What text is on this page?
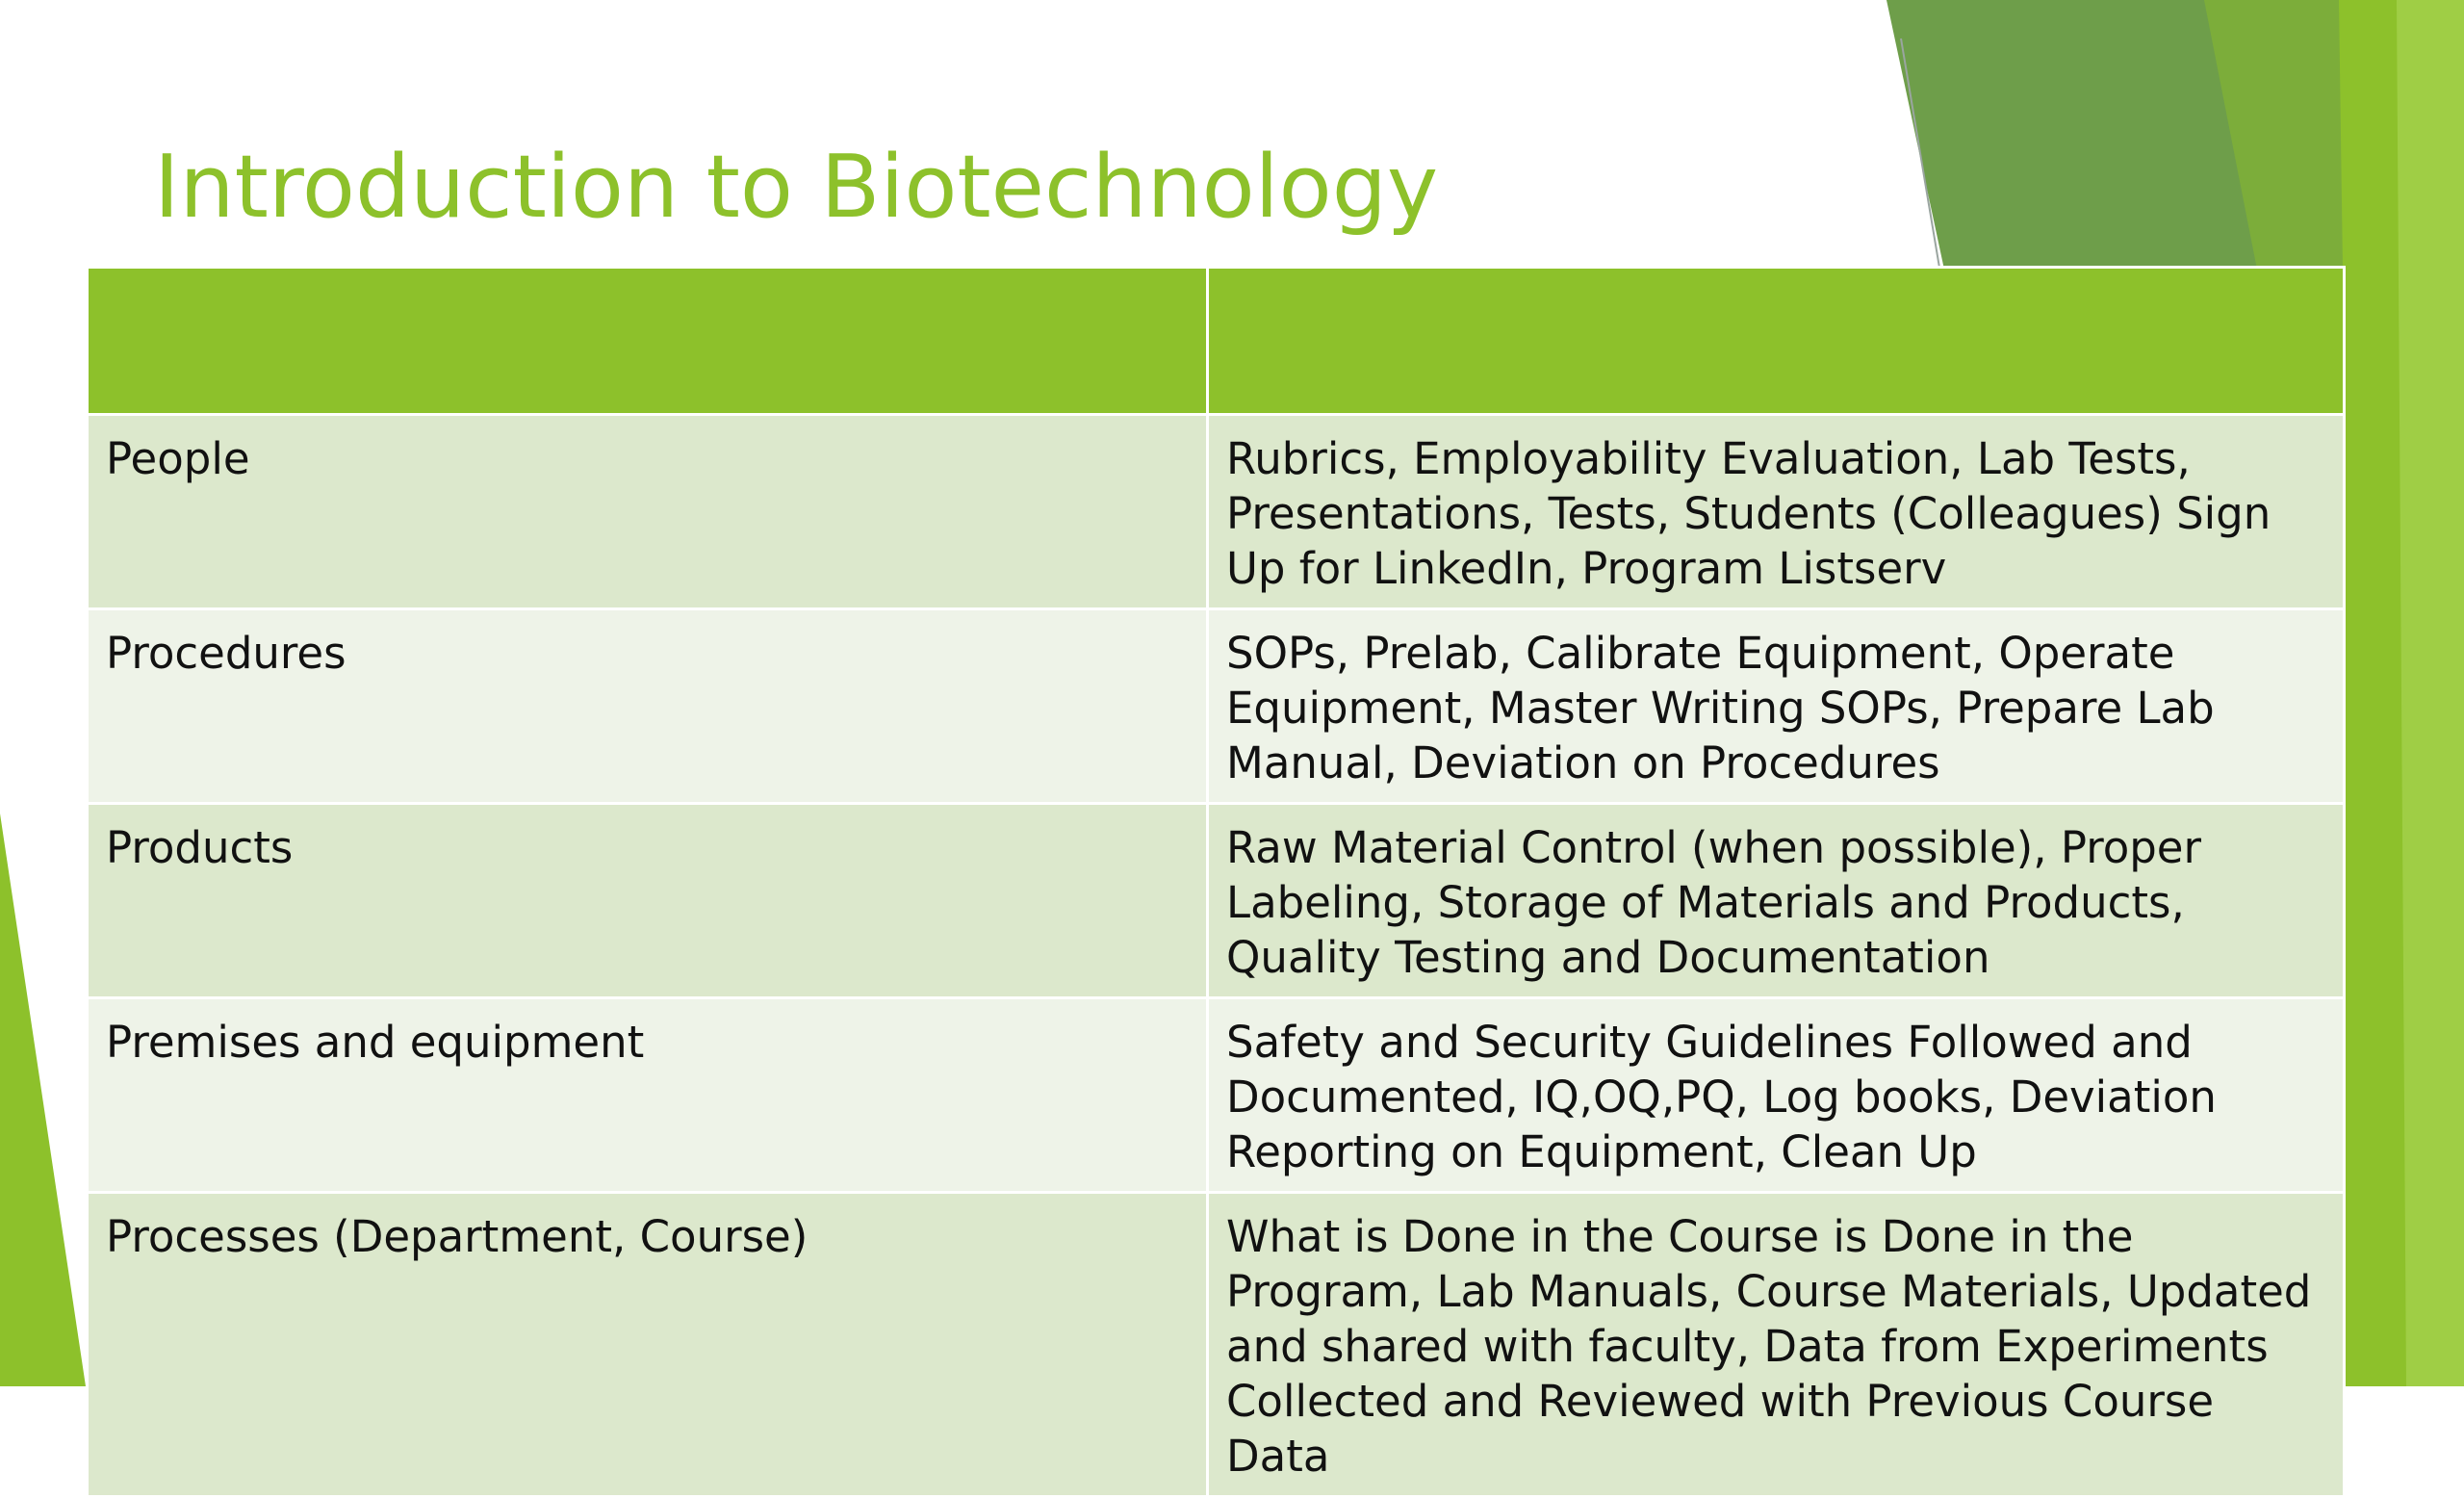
Introduction to Biotechnology

People	Rubrics, Employability Evaluation, Lab Tests, Presentations, Tests, Students (Colleagues) Sign Up for LinkedIn, Program Listserv
Procedures	SOPs, Prelab, Calibrate Equipment, Operate Equipment, Master Writing SOPs, Prepare Lab Manual, Deviation on Procedures
Products	Raw Material Control (when possible), Proper Labeling, Storage of Materials and Products, Quality Testing and Documentation
Premises and equipment	Safety and Security Guidelines Followed and Documented, IQ,OQ,PQ, Log books, Deviation Reporting on Equipment, Clean Up
Processes (Department, Course)	What is Done in the Course is Done in the Program, Lab Manuals, Course Materials, Updated and shared with faculty, Data from Experiments Collected and Reviewed with Previous Course Data
